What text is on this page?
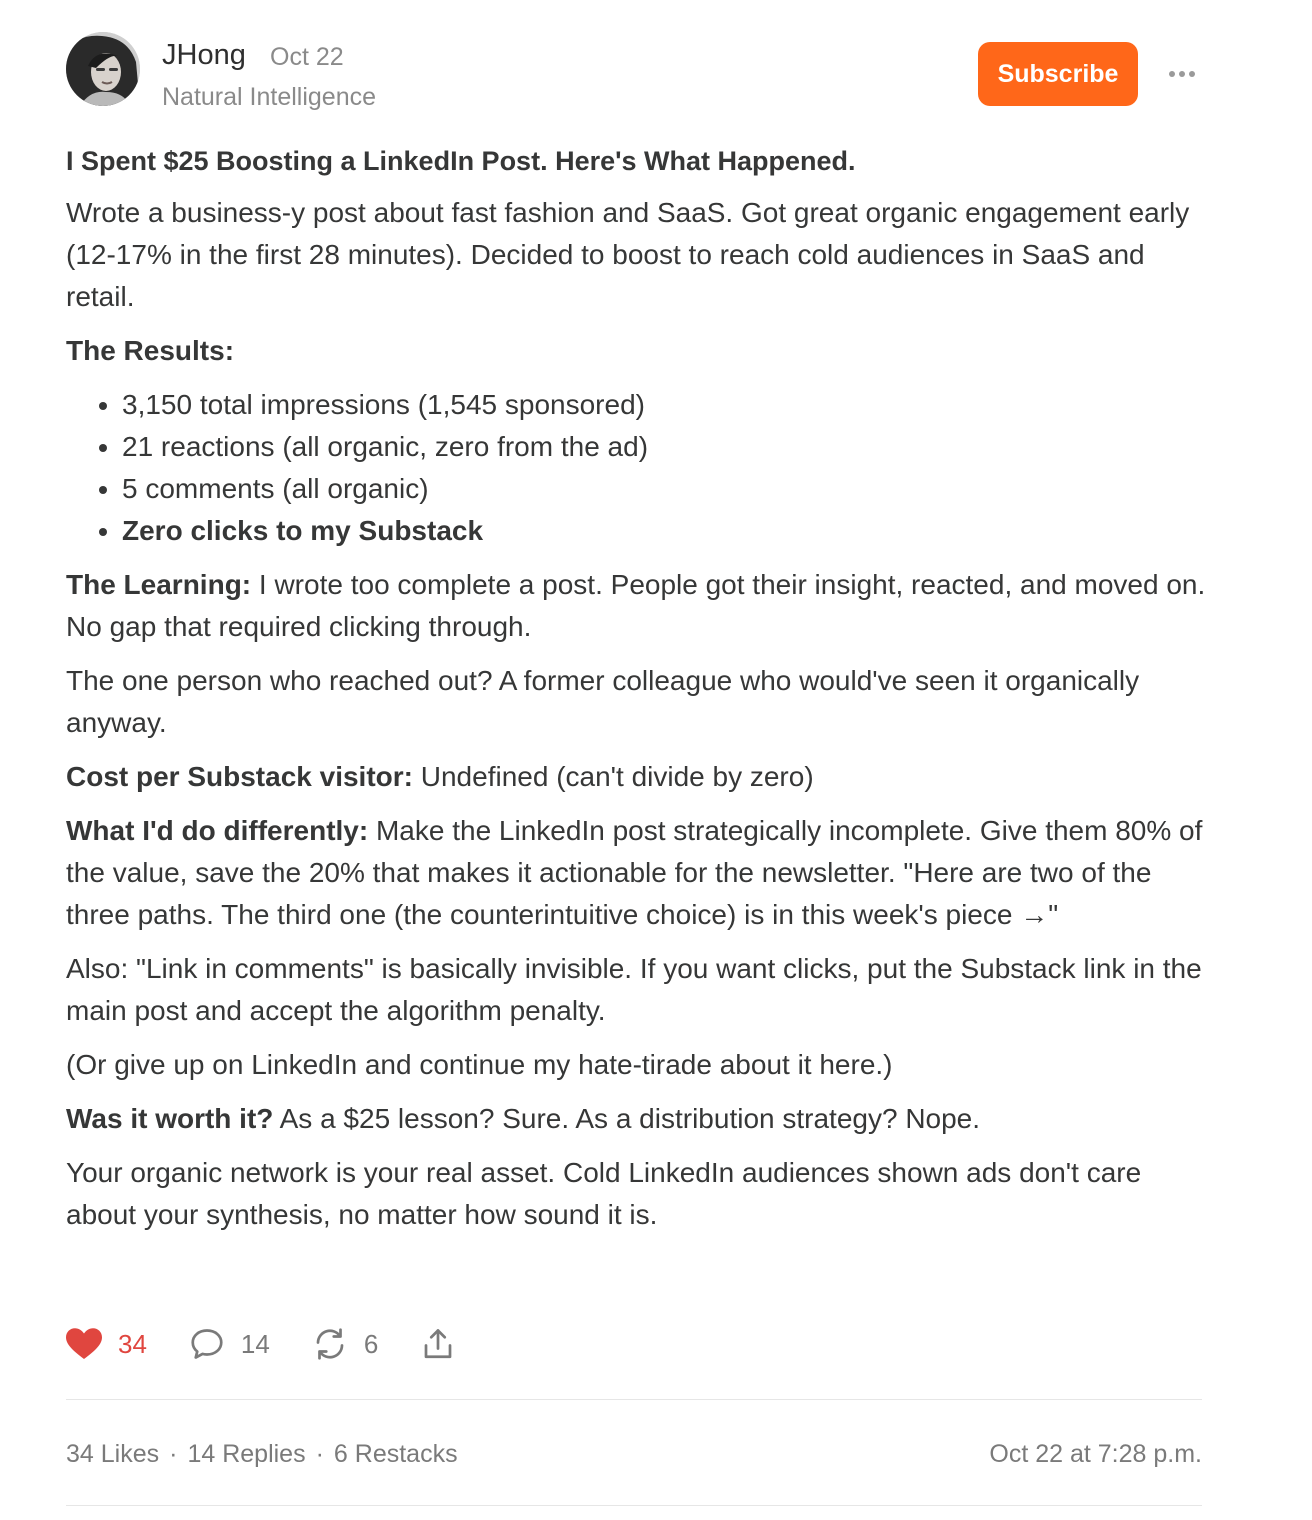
JHong Oct 22
Natural Intelligence
Subscribe

I Spent $25 Boosting a LinkedIn Post. Here's What Happened.

Wrote a business-y post about fast fashion and SaaS. Got great organic engagement early (12-17% in the first 28 minutes). Decided to boost to reach cold audiences in SaaS and retail.

The Results:

• 3,150 total impressions (1,545 sponsored)
• 21 reactions (all organic, zero from the ad)
• 5 comments (all organic)
• Zero clicks to my Substack

The Learning: I wrote too complete a post. People got their insight, reacted, and moved on. No gap that required clicking through.

The one person who reached out? A former colleague who would've seen it organically anyway.

Cost per Substack visitor: Undefined (can't divide by zero)

What I'd do differently: Make the LinkedIn post strategically incomplete. Give them 80% of the value, save the 20% that makes it actionable for the newsletter. "Here are two of the three paths. The third one (the counterintuitive choice) is in this week's piece →"

Also: "Link in comments" is basically invisible. If you want clicks, put the Substack link in the main post and accept the algorithm penalty.

(Or give up on LinkedIn and continue my hate-tirade about it here.)

Was it worth it? As a $25 lesson? Sure. As a distribution strategy? Nope.

Your organic network is your real asset. Cold LinkedIn audiences shown ads don't care about your synthesis, no matter how sound it is.

34	14	6
34 Likes · 14 Replies · 6 Restacks	Oct 22 at 7:28 p.m.
